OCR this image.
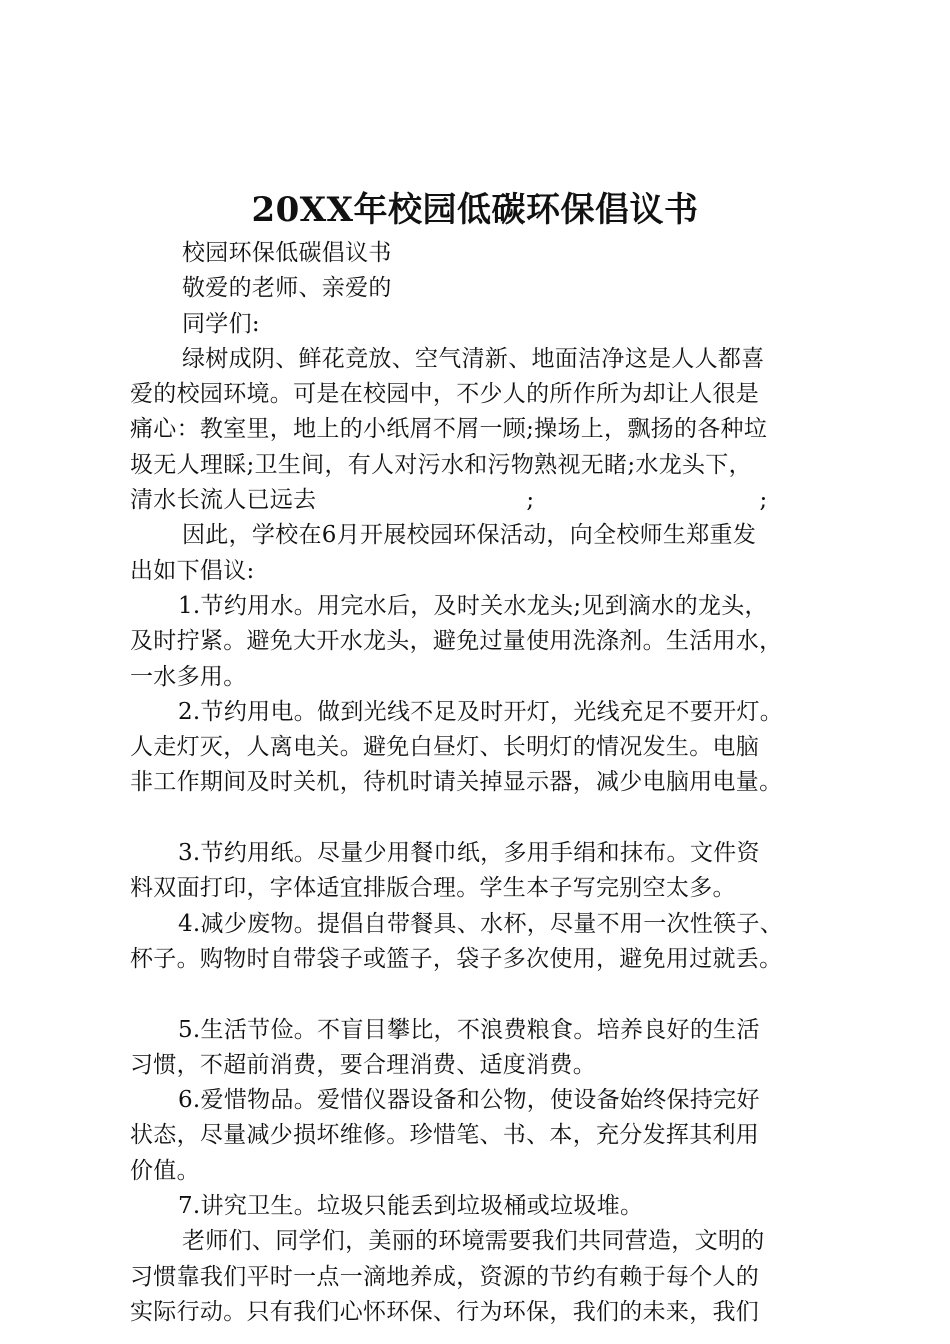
20XX年校园低碳环保倡议书
校园环保低碳倡议书
敬爱的老师、亲爱的
同学们:
绿树成阴、鲜花竞放、空气清新、地面洁净这是人人都喜
爱的校园环境。可是在校园中，不少人的所作所为却让人很是
痛心：教室里，地上的小纸屑不屑一顾;操场上，飘扬的各种垃
圾无人理睬;卫生间，有人对污水和污物熟视无睹;水龙头下，
清水长流人已远去	;	;
因此，学校在6月开展校园环保活动，向全校师生郑重发
出如下倡议:
1.节约用水。用完水后，及时关水龙头;见到滴水的龙头，
及时拧紧。避免大开水龙头，避免过量使用洗涤剂。生活用水，
一水多用。
2.节约用电。做到光线不足及时开灯，光线充足不要开灯。
人走灯灭，人离电关。避免白昼灯、长明灯的情况发生。电脑
非工作期间及时关机，待机时请关掉显示器，减少电脑用电量。
3.节约用纸。尽量少用餐巾纸，多用手绢和抹布。文件资
料双面打印，字体适宜排版合理。学生本子写完别空太多。
4.减少废物。提倡自带餐具、水杯，尽量不用一次性筷子、
杯子。购物时自带袋子或篮子，袋子多次使用，避免用过就丢。
5.生活节俭。不盲目攀比，不浪费粮食。培养良好的生活
习惯，不超前消费，要合理消费、适度消费。
6.爱惜物品。爱惜仪器设备和公物，使设备始终保持完好
状态，尽量减少损坏维修。珍惜笔、书、本，充分发挥其利用
价值。
7.讲究卫生。垃圾只能丢到垃圾桶或垃圾堆。
老师们、同学们，美丽的环境需要我们共同营造，文明的
习惯靠我们平时一点一滴地养成，资源的节约有赖于每个人的
实际行动。只有我们心怀环保、行为环保，我们的未来，我们
